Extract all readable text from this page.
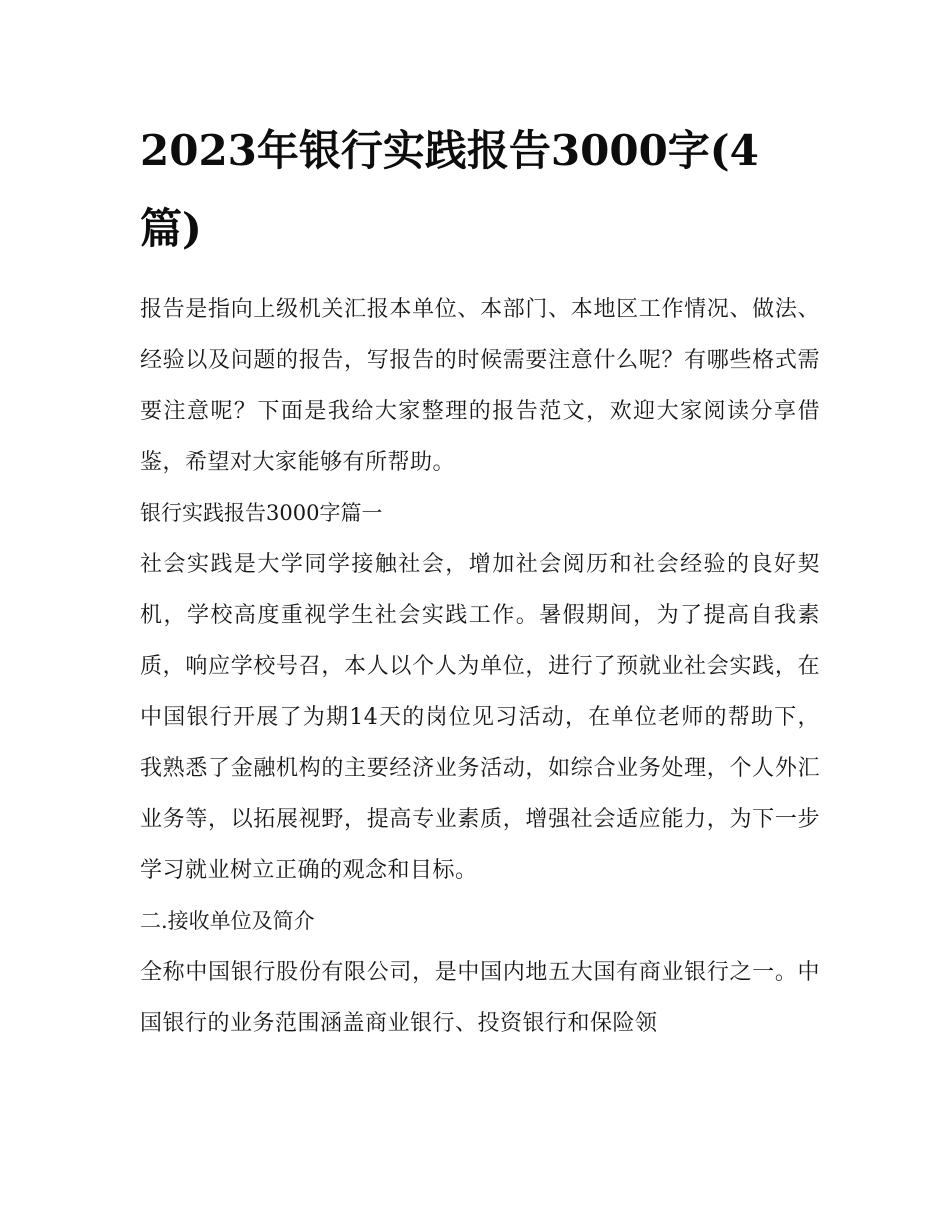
2023年银行实践报告3000字(4篇)

报告是指向上级机关汇报本单位、本部门、本地区工作情况、做法、经验以及问题的报告，写报告的时候需要注意什么呢？有哪些格式需要注意呢？下面是我给大家整理的报告范文，欢迎大家阅读分享借鉴，希望对大家能够有所帮助。

银行实践报告3000字篇一

社会实践是大学同学接触社会，增加社会阅历和社会经验的良好契机，学校高度重视学生社会实践工作。暑假期间，为了提高自我素质，响应学校号召，本人以个人为单位，进行了预就业社会实践，在中国银行开展了为期14天的岗位见习活动，在单位老师的帮助下，我熟悉了金融机构的主要经济业务活动，如综合业务处理，个人外汇业务等，以拓展视野，提高专业素质，增强社会适应能力，为下一步学习就业树立正确的观念和目标。

二.接收单位及简介

全称中国银行股份有限公司，是中国内地五大国有商业银行之一。中国银行的业务范围涵盖商业银行、投资银行和保险领
